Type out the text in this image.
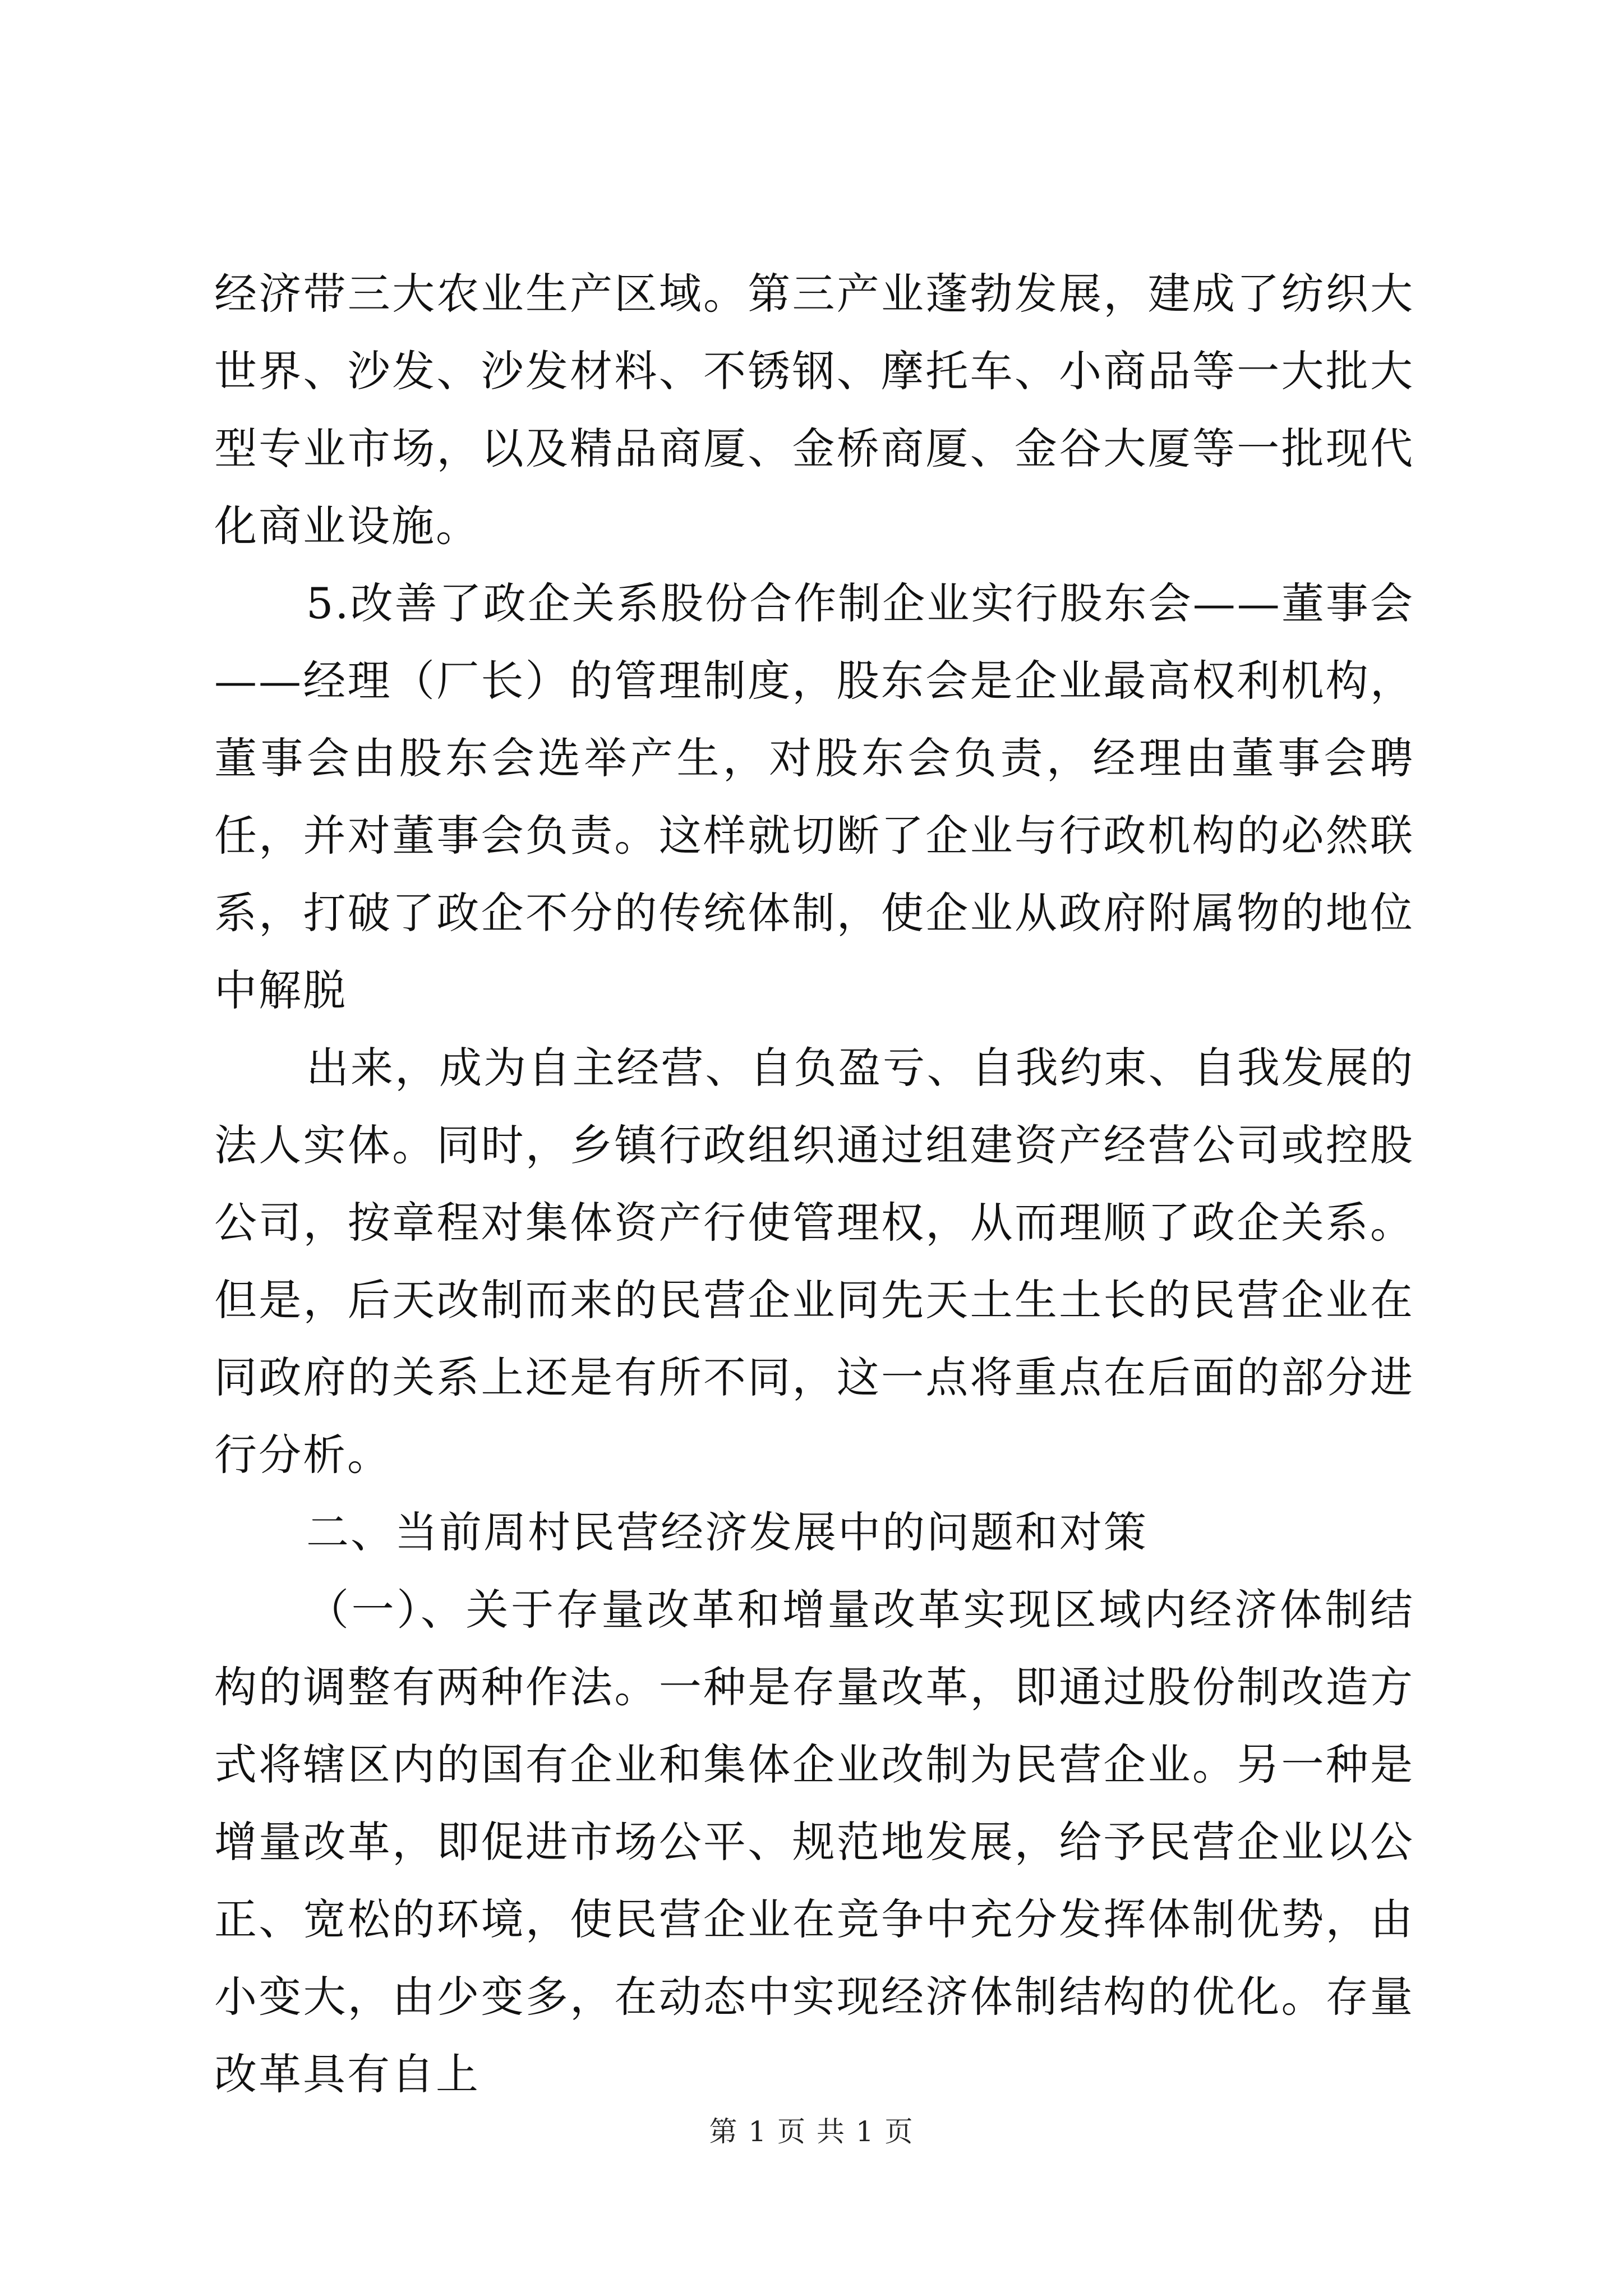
经济带三大农业生产区域。第三产业蓬勃发展，建成了纺织大世界、沙发、沙发材料、不锈钢、摩托车、小商品等一大批大型专业市场，以及精品商厦、金桥商厦、金谷大厦等一批现代化商业设施。

5.改善了政企关系股份合作制企业实行股东会——董事会——经理（厂长）的管理制度，股东会是企业最高权利机构，董事会由股东会选举产生，对股东会负责，经理由董事会聘任，并对董事会负责。这样就切断了企业与行政机构的必然联系，打破了政企不分的传统体制，使企业从政府附属物的地位中解脱

出来，成为自主经营、自负盈亏、自我约束、自我发展的法人实体。同时，乡镇行政组织通过组建资产经营公司或控股公司，按章程对集体资产行使管理权，从而理顺了政企关系。但是，后天改制而来的民营企业同先天土生土长的民营企业在同政府的关系上还是有所不同，这一点将重点在后面的部分进行分析。

二、当前周村民营经济发展中的问题和对策

（一）、关于存量改革和增量改革实现区域内经济体制结构的调整有两种作法。一种是存量改革，即通过股份制改造方式将辖区内的国有企业和集体企业改制为民营企业。另一种是增量改革，即促进市场公平、规范地发展，给予民营企业以公正、宽松的环境，使民营企业在竞争中充分发挥体制优势，由小变大，由少变多，在动态中实现经济体制结构的优化。存量改革具有自上

第 1 页 共 1 页
